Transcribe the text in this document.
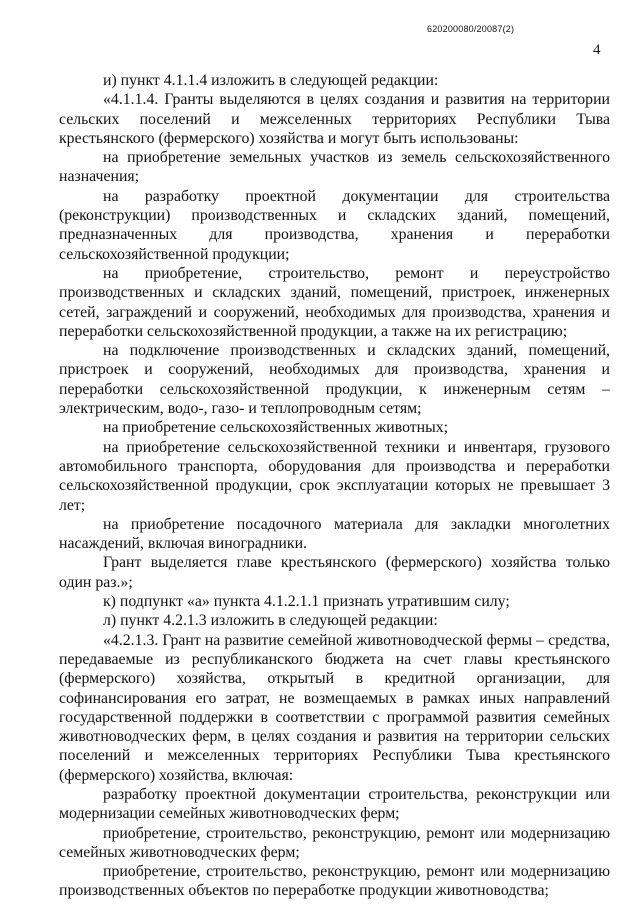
620200080/20087(2)
4

и) пункт 4.1.1.4 изложить в следующей редакции:

«4.1.1.4. Гранты выделяются в целях создания и развития на территории сельских поселений и межселенных территориях Республики Тыва крестьянского (фермерского) хозяйства и могут быть использованы:

на приобретение земельных участков из земель сельскохозяйственного назначения;

на разработку проектной документации для строительства (реконструкции) производственных и складских зданий, помещений, предназначенных для производства, хранения и переработки сельскохозяйственной продукции;

на приобретение, строительство, ремонт и переустройство производственных и складских зданий, помещений, пристроек, инженерных сетей, заграждений и сооружений, необходимых для производства, хранения и переработки сельскохозяйственной продукции, а также на их регистрацию;

на подключение производственных и складских зданий, помещений, пристроек и сооружений, необходимых для производства, хранения и переработки сельскохозяйственной продукции, к инженерным сетям – электрическим, водо-, газо- и теплопроводным сетям;

на приобретение сельскохозяйственных животных;

на приобретение сельскохозяйственной техники и инвентаря, грузового автомобильного транспорта, оборудования для производства и переработки сельскохозяйственной продукции, срок эксплуатации которых не превышает 3 лет;

на приобретение посадочного материала для закладки многолетних насаждений, включая виноградники.

Грант выделяется главе крестьянского (фермерского) хозяйства только один раз.»;

к) подпункт «а» пункта 4.1.2.1.1 признать утратившим силу;

л) пункт 4.2.1.3 изложить в следующей редакции:

«4.2.1.3. Грант на развитие семейной животноводческой фермы – средства, передаваемые из республиканского бюджета на счет главы крестьянского (фермерского) хозяйства, открытый в кредитной организации, для софинансирования его затрат, не возмещаемых в рамках иных направлений государственной поддержки в соответствии с программой развития семейных животноводческих ферм, в целях создания и развития на территории сельских поселений и межселенных территориях Республики Тыва крестьянского (фермерского) хозяйства, включая:

разработку проектной документации строительства, реконструкции или модернизации семейных животноводческих ферм;

приобретение, строительство, реконструкцию, ремонт или модернизацию семейных животноводческих ферм;

приобретение, строительство, реконструкцию, ремонт или модернизацию производственных объектов по переработке продукции животноводства;
